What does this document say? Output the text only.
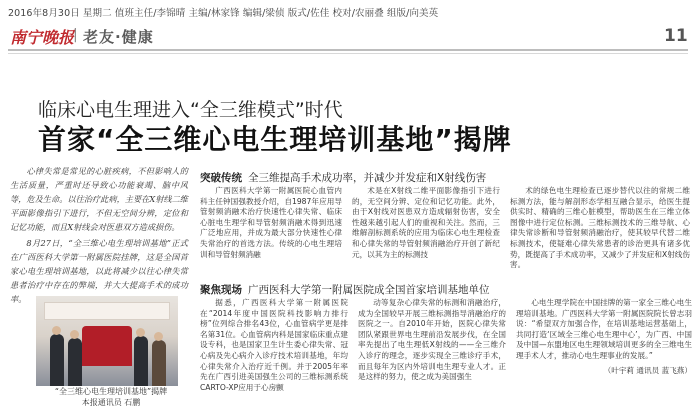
2016年8月30日 星期二 值班主任/李锦晴 主编/林家锋 编辑/梁侦 版式/佐佳 校对/农丽叠 组版/向美英
南宁晚报
| 老友·健康	11
临床心电生理进入“全三维模式”时代
首家“全三维心电生理培训基地”揭牌

心律失常是常见的心脏疾病，不但影响人的生活质量，严重时还导致心功能衰竭、脑中风等，危及生命。以往治疗此病，主要在X射线二维平面影像指引下进行，不但无空间分辨，定位和记忆功能，而且X射线会对医患双方造成损伤。

8月27日，“全三维心电生理培训基地”正式在广西医科大学第一附属医院挂牌，这是全国首家心电生理培训基地，以此将减少以往心律失常患者治疗中存在的弊端，并大大提高手术的成功率。

“全三维心电生理培训基地”揭牌
本报通讯员 石鹏
突破传统 全三维提高手术成功率，并减少并发症和X射线伤害

广西医科大学第一附属医院心血管内科主任钟国强教授介绍，自1987年应用导管射频消融术治疗快速性心律失常、临床心脏电生理学和导管射频消融术得到迅速广泛地应用，并成为最大部分快速性心律失常治疗的首选方法。传统的心电生理培训和导管射频消融

术是在X射线二维平面影像指引下进行的，无空间分辨、定位和记忆功能。此外，由于X射线对医患双方造成辐射伤害，安全性越来越引起人们的重视和关注。然而，三维解剖标测系统的应用为临床心电生理检查和心律失常的导管射频消融治疗开创了新纪元，以其为主的标测技

术的绿色电生理检查已逐步替代以往的常规二维标测方法，能与解剖形态学相互融合显示，给医生提供实时、精确的三维心脏模型，帮助医生在三维立体图像中进行定位标测。三维标测技术的三维导航、心律失常诊断和导管射频消融治疗，使其较早代替二维标测技术，使疑难心律失常患者的诊治更具有诸多优势，既提高了手术成功率，又减少了并发症和X射线伤害。

聚焦现场 广西医科大学第一附属医院成全国首家培训基地单位

据悉，广西医科大学第一附属医院在“2014年度中国医院科技影响力排行榜”位列综合排名43位，心血管病学更是排名第31位。心血管病内科是国家临床重点建设专科，也是国家卫生计生委心律失常、冠心病及先心病介入诊疗技术培训基地，年均心律失常介入治疗近千例。并于2005年率先在广西引进美国强生公司的三维标测系统CARTO-XP应用于心房颤

动等复杂心律失常的标测和消融治疗，成为全国较早开展三维标测指导消融治疗的医院之一。自2010年开始，医院心律失常团队紧跟世界电生理前沿发展步伐，在全国率先提出了电生理低X射线的——全三维介入诊疗的理念，逐步实现全三维诊疗手术，而且每年为区内外培训电生理专业人才。正是这样的努力，使之成为美国强生

心电生理学院在中国挂牌的第一家全三维心电生理培训基地。广西医科大学第一附属医院院长曾志羽说：“希望双方加强合作，在培训基地运营基础上，共同打造‘区域全三维心电生理中心’，为广西、中国及中国—东盟地区电生理领域培训更多的全三维电生理手术人才，推动心电生理事业的发展。”

（叶宇莉 通讯员 蓝飞燕）
